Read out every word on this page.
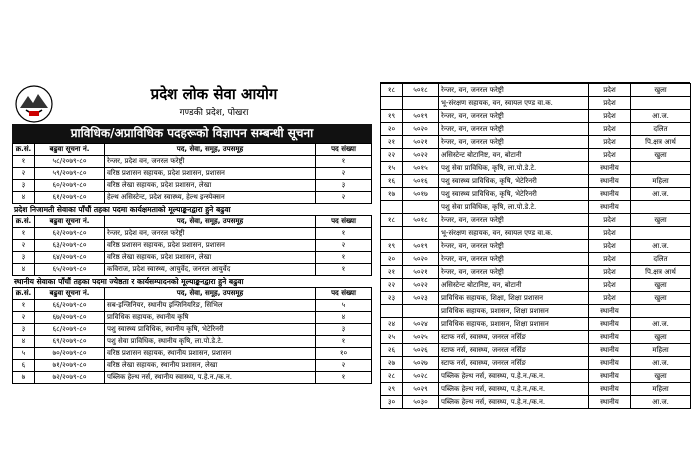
प्रदेश लोक सेवा आयोग
गण्डकी प्रदेश, पोखरा
प्राविधिक/अप्राविधिक पदहरूको विज्ञापन सम्बन्धी सूचना
क्र.सं.	बढुवा सूचना नं.	पद, सेवा, समूह, उपसमूह	पद संख्या
१	५८/२०७९-८०	रेन्जर, प्रदेश वन, जनरल फरेष्ट्री	१
२	५९/२०७९-८०	वरिष्ठ प्रशासन सहायक, प्रदेश प्रशासन, प्रशासन	२
३	६०/२०७९-८०	वरिष्ठ लेखा सहायक, प्रदेश प्रशासन, लेखा	३
४	६१/२०७९-८०	हेल्थ असिस्टेन्ट, प्रदेश स्वास्थ्य, हेल्थ इन्स्पेक्सन	२
प्रदेश निजामती सेवाका पाँचौं तहका पदमा कार्यक्षमताको मूल्याङ्कनद्वारा हुने बढुवा
क्र.सं.	बढुवा सूचना नं.	पद, सेवा, समूह, उपसमूह	पद संख्या
१	६२/२०७९-८०	रेन्जर, प्रदेश वन, जनरल फरेष्ट्री	१
२	६३/२०७९-८०	वरिष्ठ प्रशासन सहायक, प्रदेश प्रशासन, प्रशासन	२
३	६४/२०७९-८०	वरिष्ठ लेखा सहायक, प्रदेश प्रशासन, लेखा	१
४	६५/२०७९-८०	कविराज, प्रदेश स्वास्थ्य, आयुर्वेद, जनरल आयुर्वेद	१
स्थानीय सेवाका पाँचौं तहका पदमा ज्येष्ठता र कार्यसम्पादनको मूल्याङ्कनद्वारा हुने बढुवा
क्र.सं.	बढुवा सूचना नं.	पद, सेवा, समूह, उपसमूह	पद संख्या
१	६६/२०७९-८०	सब-इन्जिनियर, स्थानीय इन्जिनियरिङ, सिभिल	५
२	६७/२०७९-८०	प्राविधिक सहायक, स्थानीय कृषि	४
३	६८/२०७९-८०	पशु स्वास्थ्य प्राविधिक, स्थानीय कृषि, भेटेरिनरी	३
४	६९/२०७९-८०	पशु सेवा प्राविधिक, स्थानीय कृषि, ला.पो.डे.टे.	१
५	७०/२०७९-८०	वरिष्ठ प्रशासन सहायक, स्थानीय प्रशासन, प्रशासन	१०
६	७१/२०७९-८०	वरिष्ठ लेखा सहायक, स्थानीय प्रशासन, लेखा	२
७	७२/२०७९-८०	पब्लिक हेल्थ नर्स, स्थानीय स्वास्थ्य, प.हे.न./क.न.	१
१८	५०१८	रेन्जर, वन, जनरल फरेष्ट्री	प्रदेश	खुला
		भू-संरक्षण सहायक, वन, स्वायल एण्ड वा.क.	प्रदेश	
१९	५०१९	रेन्जर, वन, जनरल फरेष्ट्री	प्रदेश	आ.ज.
२०	५०२०	रेन्जर, वन, जनरल फरेष्ट्री	प्रदेश	दलित
२१	५०२१	रेन्जर, वन, जनरल फरेष्ट्री	प्रदेश	पि.क्षत्र आर्थ
२२	५०२२	असिस्टेन्ट बोटानिष्ट, वन, बोटानी	प्रदेश	खुला
१५	५०१५	पशु सेवा प्राविधिक, कृषि, ला.पो.डे.टे.	स्थानीय	
१६	५०१६	पशु स्वास्थ्य प्राविधिक, कृषि, भेटेरिनरी	स्थानीय	महिला
१७	५०१७	पशु स्वास्थ्य प्राविधिक, कृषि, भेटेरिनरी	स्थानीय	आ.ज.
		पशु सेवा प्राविधिक, कृषि, ला.पो.डे.टे.	स्थानीय	
१८	५०१८	रेन्जर, वन, जनरल फरेष्ट्री	प्रदेश	खुला
		भू-संरक्षण सहायक, वन, स्वायल एण्ड वा.क.	प्रदेश	
१९	५०१९	रेन्जर, वन, जनरल फरेष्ट्री	प्रदेश	आ.ज.
२०	५०२०	रेन्जर, वन, जनरल फरेष्ट्री	प्रदेश	दलित
२१	५०२१	रेन्जर, वन, जनरल फरेष्ट्री	प्रदेश	पि.क्षत्र आर्थ
२२	५०२२	असिस्टेन्ट बोटानिष्ट, वन, बोटानी	प्रदेश	खुला
२३	५०२३	प्राविधिक सहायक, शिक्षा, शिक्षा प्रशासन	प्रदेश	खुला
		प्राविधिक सहायक, प्रशासन, शिक्षा प्रशासन	स्थानीय	
२४	५०२४	प्राविधिक सहायक, प्रशासन, शिक्षा प्रशासन	स्थानीय	आ.ज.
२५	५०२५	स्टाफ नर्स, स्वास्थ्य, जनरल नर्सिङ	स्थानीय	खुला
२६	५०२६	स्टाफ नर्स, स्वास्थ्य, जनरल नर्सिङ	स्थानीय	महिला
२७	५०२७	स्टाफ नर्स, स्वास्थ्य, जनरल नर्सिङ	स्थानीय	आ.ज.
२८	५०२८	पब्लिक हेल्थ नर्स, स्वास्थ्य, प.हे.न./क.न.	स्थानीय	खुला
२९	५०२९	पब्लिक हेल्थ नर्स, स्वास्थ्य, प.हे.न./क.न.	स्थानीय	महिला
३०	५०३०	पब्लिक हेल्थ नर्स, स्वास्थ्य, प.हे.न./क.न.	स्थानीय	आ.ज.
